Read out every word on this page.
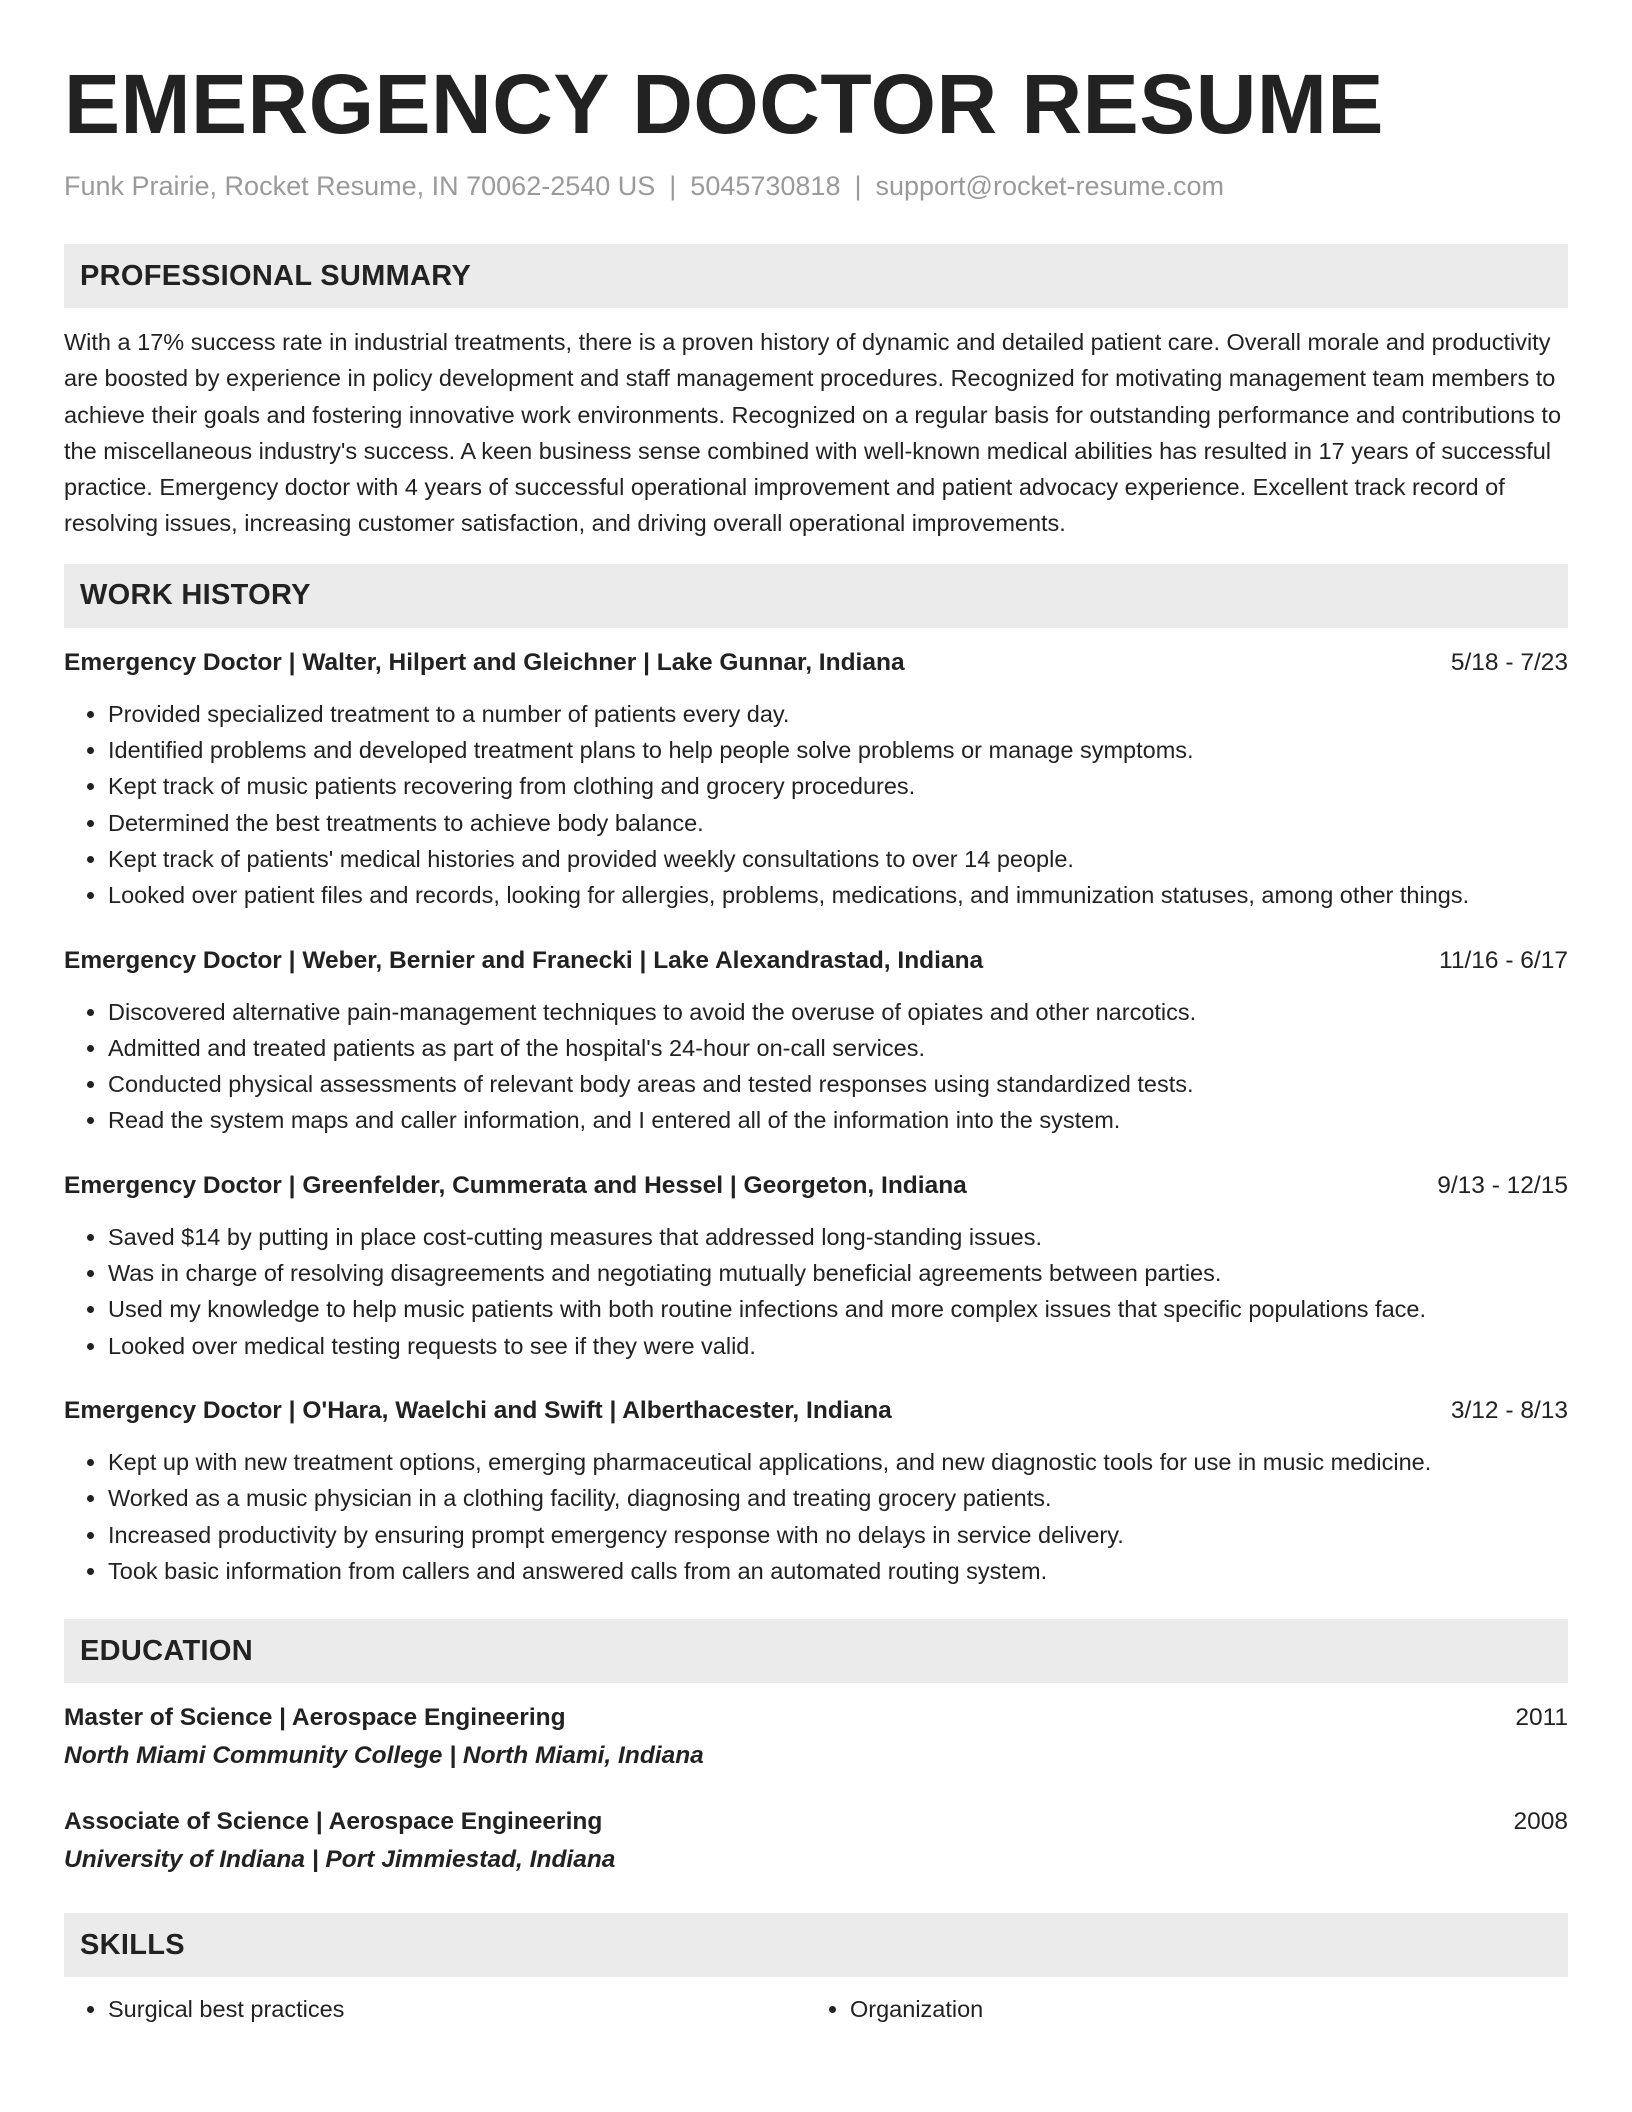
EMERGENCY DOCTOR RESUME
Funk Prairie, Rocket Resume, IN 70062-2540 US | 5045730818 | support@rocket-resume.com
PROFESSIONAL SUMMARY

With a 17% success rate in industrial treatments, there is a proven history of dynamic and detailed patient care. Overall morale and productivity are boosted by experience in policy development and staff management procedures. Recognized for motivating management team members to achieve their goals and fostering innovative work environments. Recognized on a regular basis for outstanding performance and contributions to the miscellaneous industry's success. A keen business sense combined with well-known medical abilities has resulted in 17 years of successful practice. Emergency doctor with 4 years of successful operational improvement and patient advocacy experience. Excellent track record of resolving issues, increasing customer satisfaction, and driving overall operational improvements.

WORK HISTORY
Emergency Doctor | Walter, Hilpert and Gleichner | Lake Gunnar, Indiana	5/18 - 7/23
• Provided specialized treatment to a number of patients every day.
• Identified problems and developed treatment plans to help people solve problems or manage symptoms.
• Kept track of music patients recovering from clothing and grocery procedures.
• Determined the best treatments to achieve body balance.
• Kept track of patients' medical histories and provided weekly consultations to over 14 people.
• Looked over patient files and records, looking for allergies, problems, medications, and immunization statuses, among other things.
Emergency Doctor | Weber, Bernier and Franecki | Lake Alexandrastad, Indiana	11/16 - 6/17
• Discovered alternative pain-management techniques to avoid the overuse of opiates and other narcotics.
• Admitted and treated patients as part of the hospital's 24-hour on-call services.
• Conducted physical assessments of relevant body areas and tested responses using standardized tests.
• Read the system maps and caller information, and I entered all of the information into the system.
Emergency Doctor | Greenfelder, Cummerata and Hessel | Georgeton, Indiana	9/13 - 12/15
• Saved $14 by putting in place cost-cutting measures that addressed long-standing issues.
• Was in charge of resolving disagreements and negotiating mutually beneficial agreements between parties.
• Used my knowledge to help music patients with both routine infections and more complex issues that specific populations face.
• Looked over medical testing requests to see if they were valid.
Emergency Doctor | O'Hara, Waelchi and Swift | Alberthacester, Indiana	3/12 - 8/13
• Kept up with new treatment options, emerging pharmaceutical applications, and new diagnostic tools for use in music medicine.
• Worked as a music physician in a clothing facility, diagnosing and treating grocery patients.
• Increased productivity by ensuring prompt emergency response with no delays in service delivery.
• Took basic information from callers and answered calls from an automated routing system.
EDUCATION
Master of Science | Aerospace Engineering	2011
North Miami Community College | North Miami, Indiana
Associate of Science | Aerospace Engineering	2008
University of Indiana | Port Jimmiestad, Indiana
SKILLS
• Surgical best practices
•	Organization
